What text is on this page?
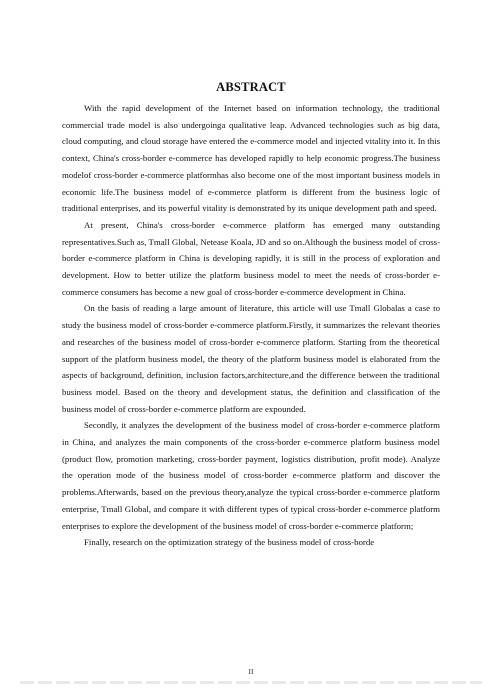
ABSTRACT

With the rapid development of the Internet based on information technology, the traditional commercial trade model is also undergoinga qualitative leap. Advanced technologies such as big data, cloud computing, and cloud storage have entered the e-commerce model and injected vitality into it. In this context, China's cross-border e-commerce has developed rapidly to help economic progress.The business modelof cross-border e-commerce platformhas also become one of the most important business models in economic life.The business model of e-commerce platform is different from the business logic of traditional enterprises, and its powerful vitality is demonstrated by its unique development path and speed.

At present, China's cross-border e-commerce platform has emerged many outstanding representatives.Such as, Tmall Global, Netease Koala, JD and so on.Although the business model of cross-border e-commerce platform in China is developing rapidly, it is still in the process of exploration and development. How to better utilize the platform business model to meet the needs of cross-border e-commerce consumers has become a new goal of cross-border e-commerce development in China.

On the basis of reading a large amount of literature, this article will use Tmall Globalas a case to study the business model of cross-border e-commerce platform.Firstly, it summarizes the relevant theories and researches of the business model of cross-border e-commerce platform. Starting from the theoretical support of the platform business model, the theory of the platform business model is elaborated from the aspects of background, definition, inclusion factors,architecture,and the difference between the traditional business model. Based on the theory and development status, the definition and classification of the business model of cross-border e-commerce platform are expounded.

Secondly, it analyzes the development of the business model of cross-border e-commerce platform in China, and analyzes the main components of the cross-border e-commerce platform business model (product flow, promotion marketing, cross-border payment, logistics distribution, profit mode). Analyze the operation mode of the business model of cross-border e-commerce platform and discover the problems.Afterwards, based on the previous theory,analyze the typical cross-border e-commerce platform enterprise, Tmall Global, and compare it with different types of typical cross-border e-commerce platform enterprises to explore the development of the business model of cross-border e-commerce platform;

Finally, research on the optimization strategy of the business model of cross-borde

II
